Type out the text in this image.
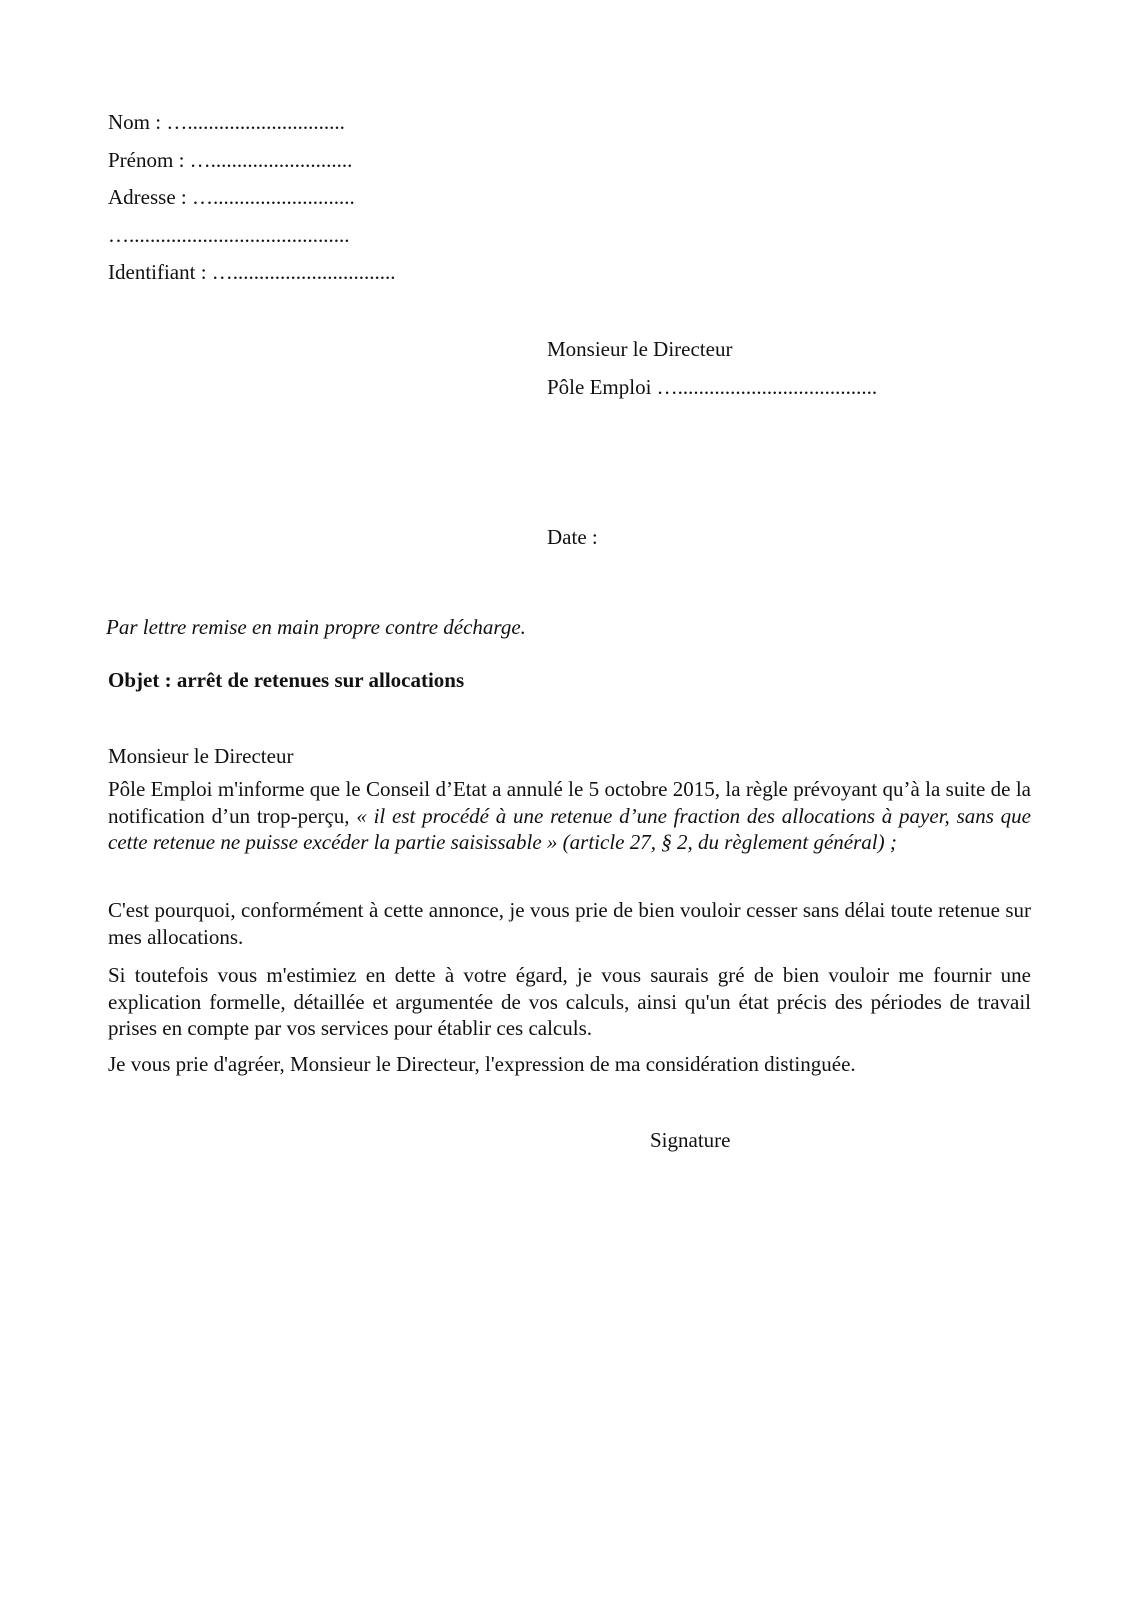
Nom : …..............................
Prénom : …...........................
Adresse : …...........................
…..........................................
Identifiant : …...............................
Monsieur le Directeur
Pôle Emploi …......................................
Date :
Par lettre remise en main propre contre décharge.
Objet : arrêt de retenues sur allocations
Monsieur le Directeur
Pôle Emploi m'informe que le Conseil d’Etat a annulé le 5 octobre 2015, la règle prévoyant qu’à la suite de la notification d’un trop-perçu, « il est procédé à une retenue d’une fraction des allocations à payer, sans que cette retenue ne puisse excéder la partie saisissable » (article 27, § 2, du règlement général) ;
C'est pourquoi, conformément à cette annonce, je vous prie de bien vouloir cesser sans délai toute retenue sur mes allocations.
Si toutefois vous m'estimiez en dette à votre égard, je vous saurais gré de bien vouloir me fournir une explication formelle, détaillée et argumentée de vos calculs, ainsi qu'un état précis des périodes de travail prises en compte par vos services pour établir ces calculs.
Je vous prie d'agréer, Monsieur le Directeur, l'expression de ma considération distinguée.
Signature
